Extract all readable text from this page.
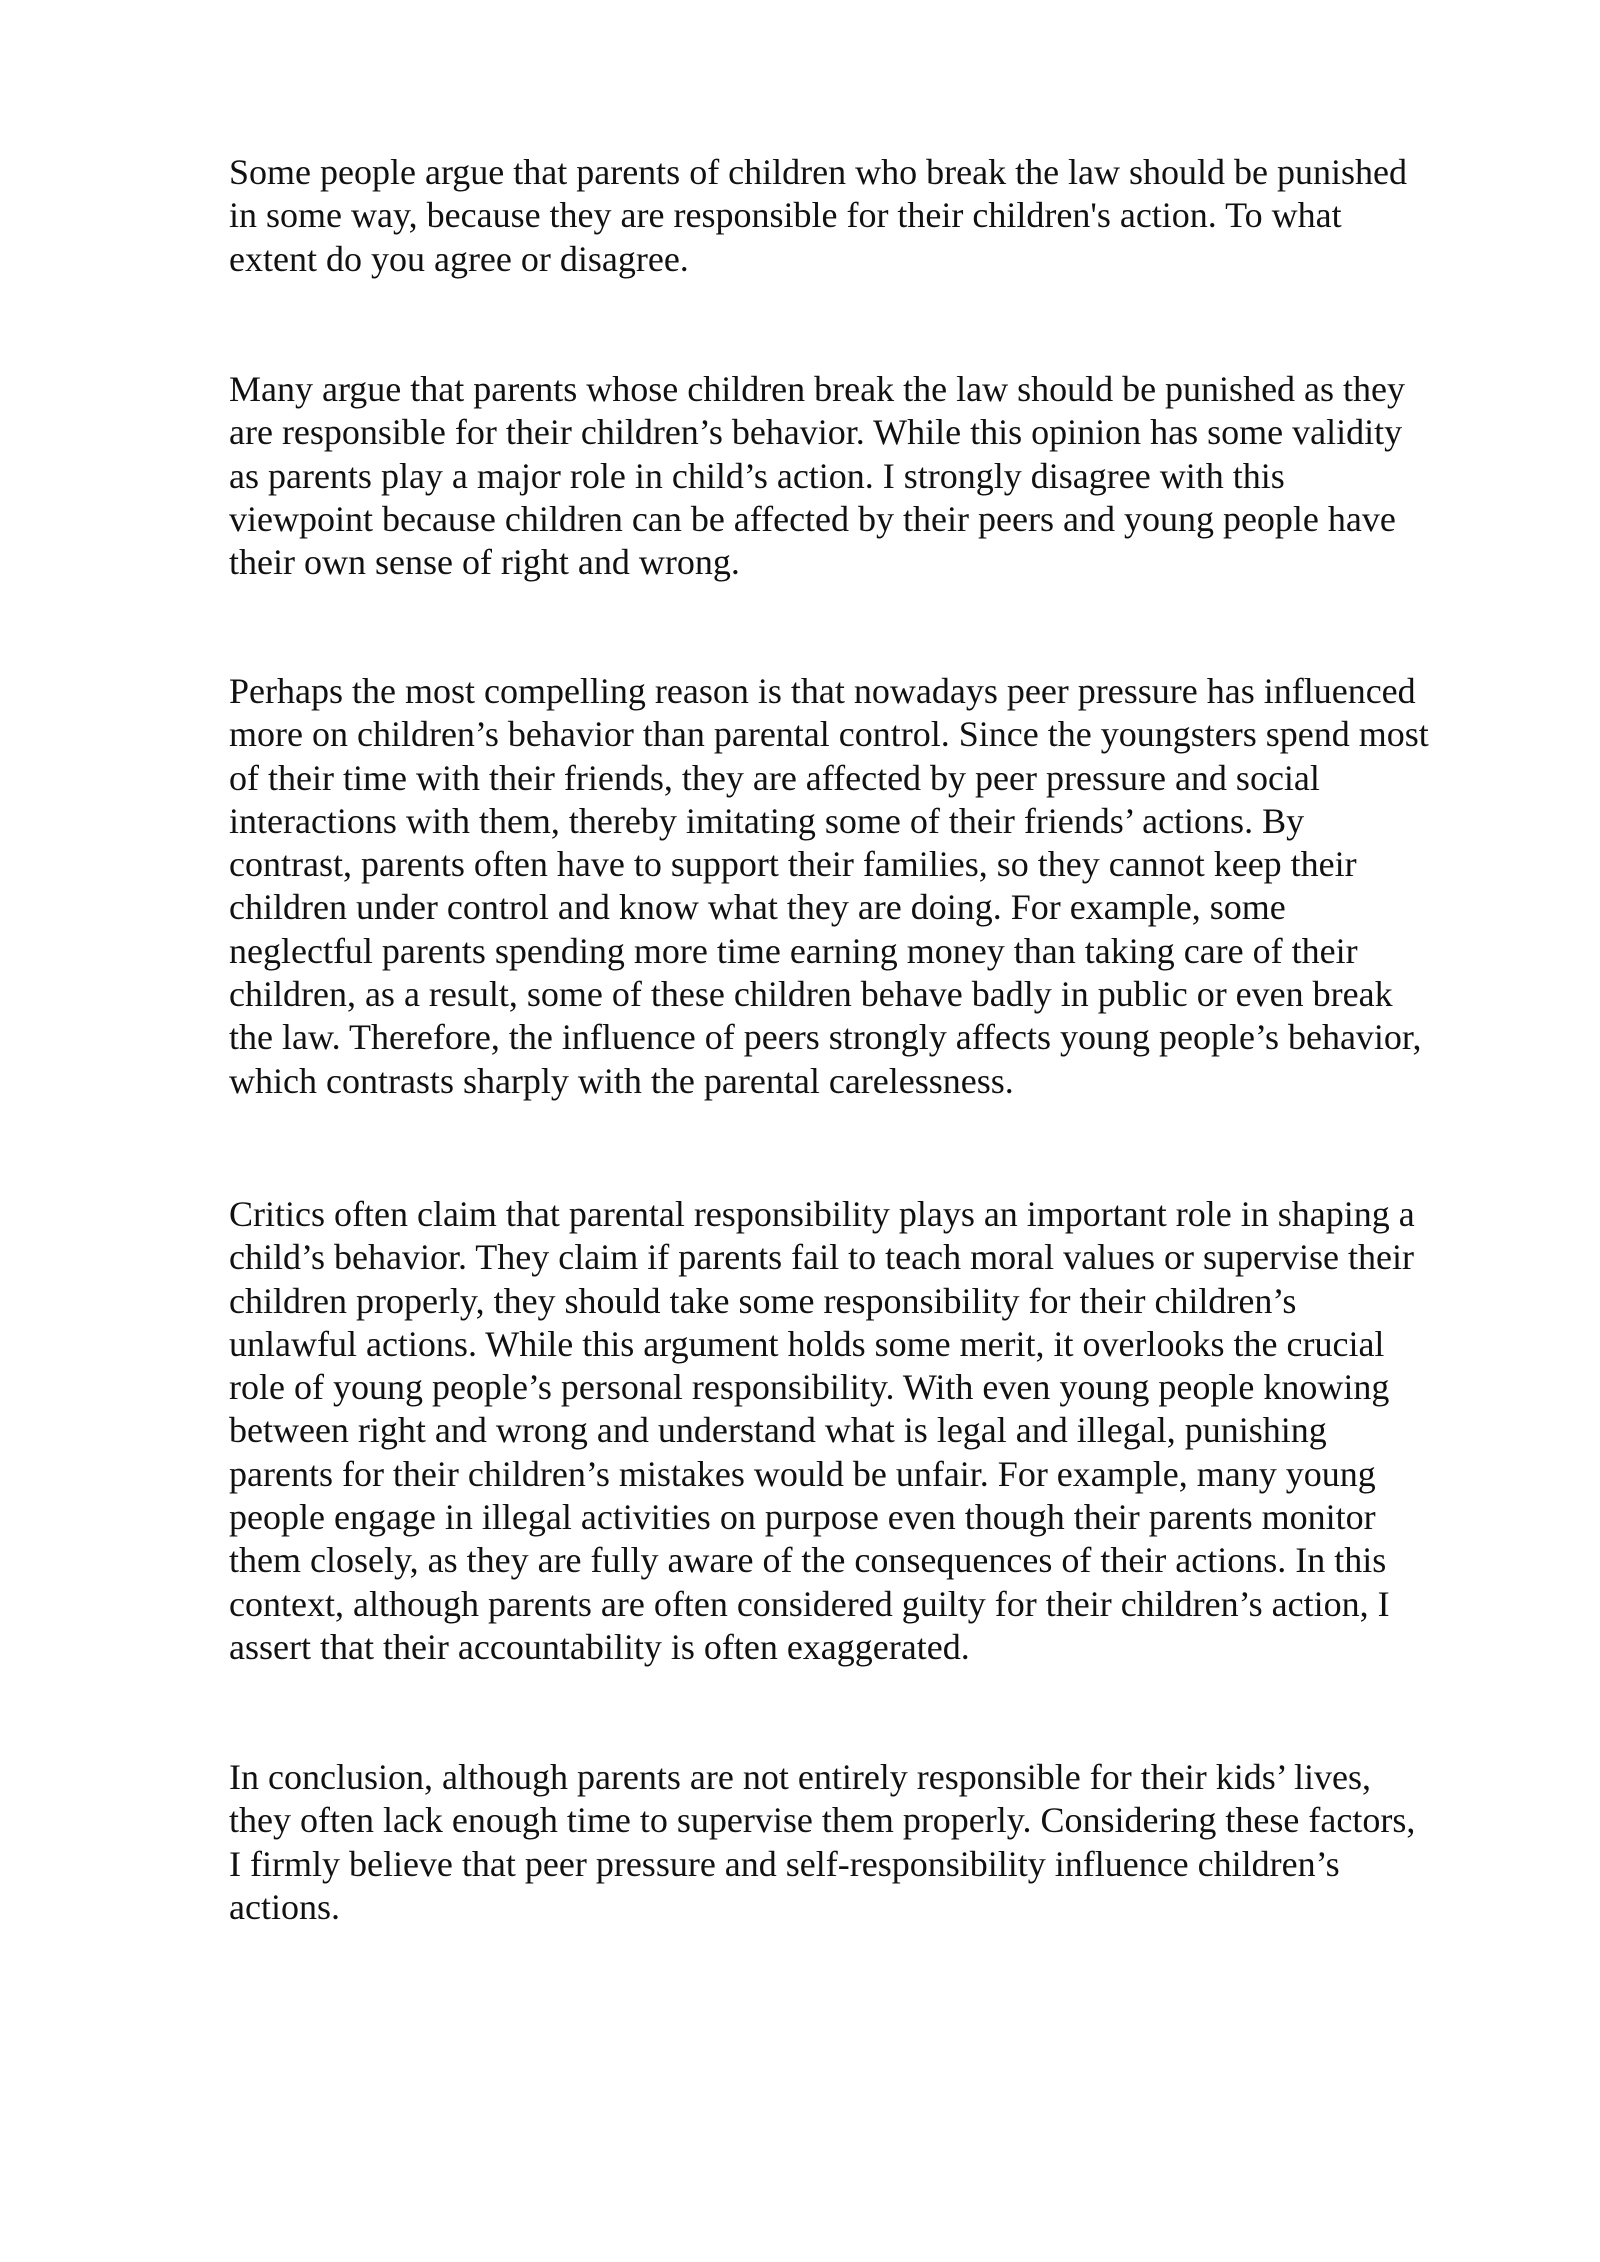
Some people argue that parents of children who break the law should be punished
in some way, because they are responsible for their children's action. To what
extent do you agree or disagree.

Many argue that parents whose children break the law should be punished as they
are responsible for their children’s behavior. While this opinion has some validity
as parents play a major role in child’s action. I strongly disagree with this
viewpoint because children can be affected by their peers and young people have
their own sense of right and wrong.

Perhaps the most compelling reason is that nowadays peer pressure has influenced
more on children’s behavior than parental control. Since the youngsters spend most
of their time with their friends, they are affected by peer pressure and social
interactions with them, thereby imitating some of their friends’ actions. By
contrast, parents often have to support their families, so they cannot keep their
children under control and know what they are doing. For example, some
neglectful parents spending more time earning money than taking care of their
children, as a result, some of these children behave badly in public or even break
the law. Therefore, the influence of peers strongly affects young people’s behavior,
which contrasts sharply with the parental carelessness.

Critics often claim that parental responsibility plays an important role in shaping a
child’s behavior. They claim if parents fail to teach moral values or supervise their
children properly, they should take some responsibility for their children’s
unlawful actions. While this argument holds some merit, it overlooks the crucial
role of young people’s personal responsibility. With even young people knowing
between right and wrong and understand what is legal and illegal, punishing
parents for their children’s mistakes would be unfair. For example, many young
people engage in illegal activities on purpose even though their parents monitor
them closely, as they are fully aware of the consequences of their actions. In this
context, although parents are often considered guilty for their children’s action, I
assert that their accountability is often exaggerated.

In conclusion, although parents are not entirely responsible for their kids’ lives,
they often lack enough time to supervise them properly. Considering these factors,
I firmly believe that peer pressure and self-responsibility influence children’s
actions.
